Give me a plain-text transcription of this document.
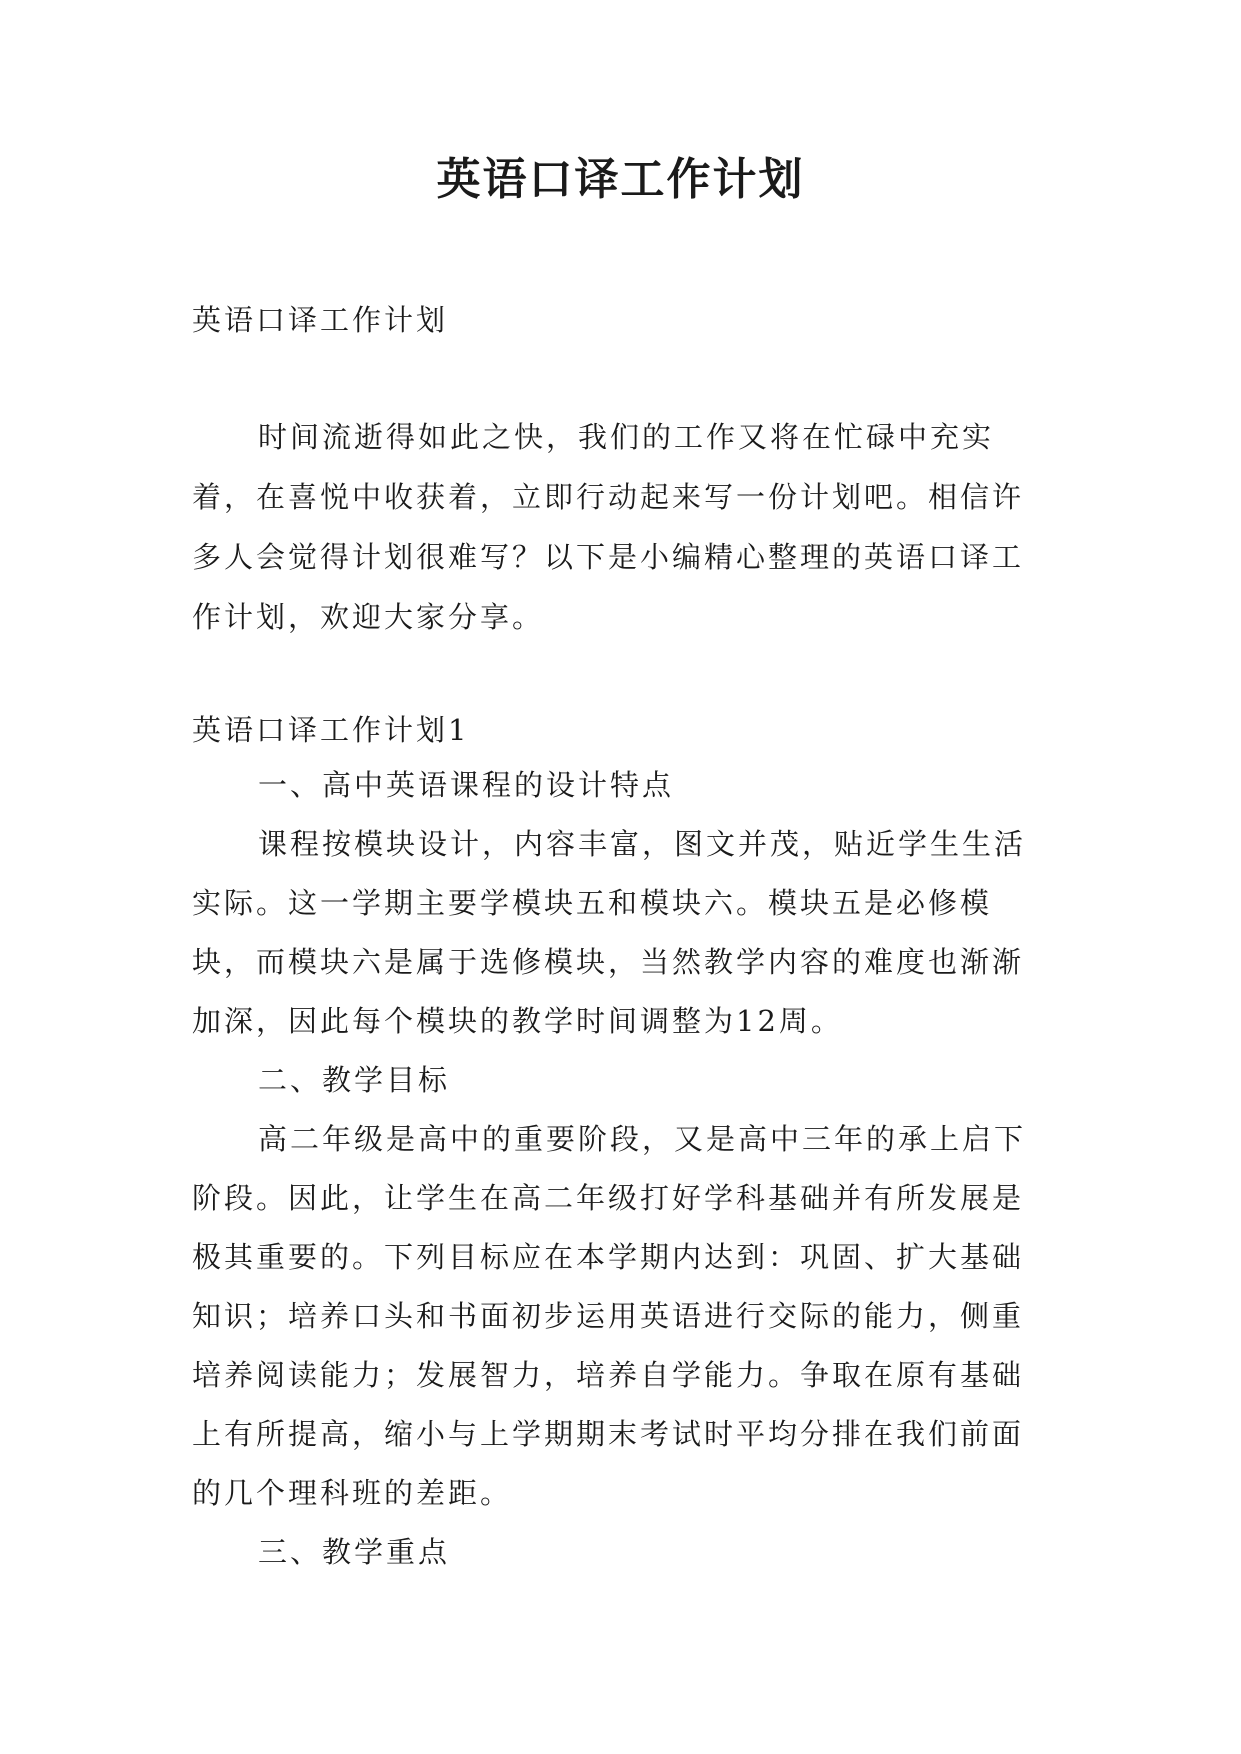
英语口译工作计划

英语口译工作计划

时间流逝得如此之快，我们的工作又将在忙碌中充实着，在喜悦中收获着，立即行动起来写一份计划吧。相信许多人会觉得计划很难写？以下是小编精心整理的英语口译工作计划，欢迎大家分享。

英语口译工作计划1

一、高中英语课程的设计特点

课程按模块设计，内容丰富，图文并茂，贴近学生生活实际。这一学期主要学模块五和模块六。模块五是必修模块，而模块六是属于选修模块，当然教学内容的难度也渐渐加深，因此每个模块的教学时间调整为12周。

二、教学目标

高二年级是高中的重要阶段，又是高中三年的承上启下阶段。因此，让学生在高二年级打好学科基础并有所发展是极其重要的。下列目标应在本学期内达到：巩固、扩大基础知识；培养口头和书面初步运用英语进行交际的能力，侧重培养阅读能力；发展智力，培养自学能力。争取在原有基础上有所提高，缩小与上学期期末考试时平均分排在我们前面的几个理科班的差距。

三、教学重点
